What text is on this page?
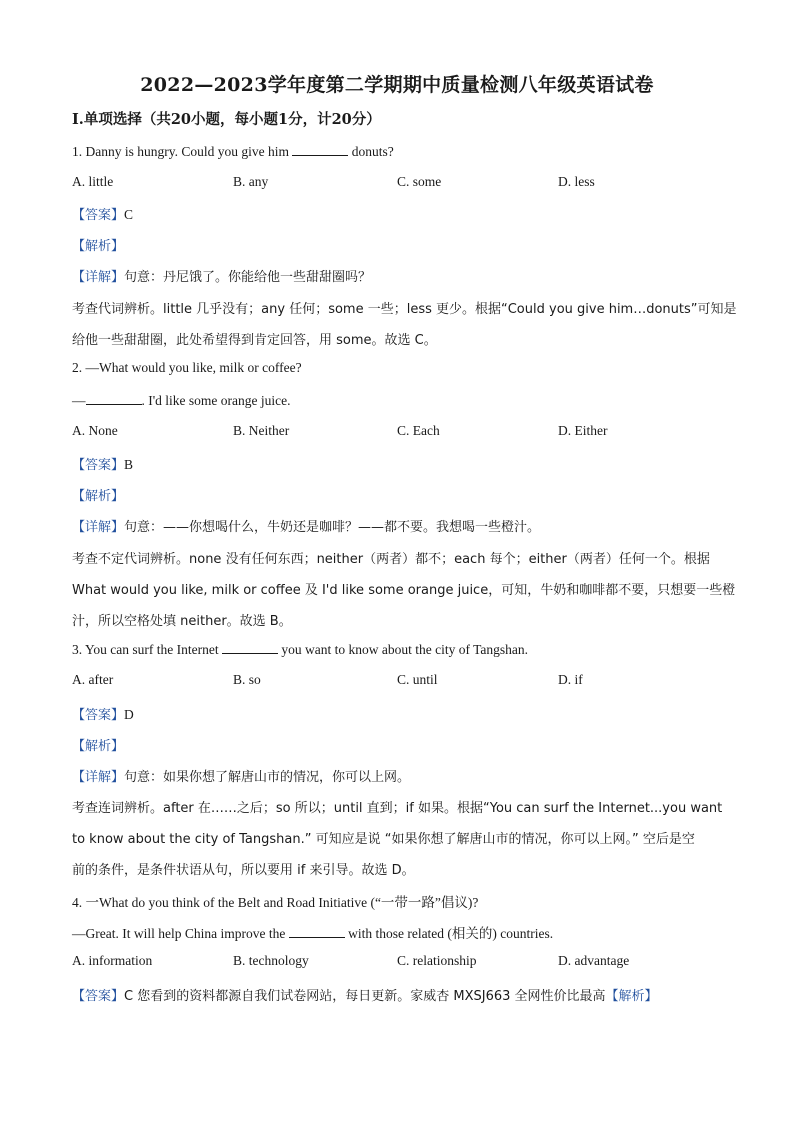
2022—2023学年度第二学期期中质量检测八年级英语试卷
I.单项选择（共20小题，每小题1分，计20分）
1. Danny is hungry. Could you give him	donuts?
A. little	B. any	C. some	D. less
【答案】C
【解析】
【详解】句意：丹尼饿了。你能给他一些甜甜圈吗？
考查代词辨析。little 几乎没有；any 任何；some 一些；less 更少。根据“Could you give him…donuts”可知是
给他一些甜甜圈，此处希望得到肯定回答，用 some。故选 C。
2. —What would you like, milk or coffee?
—	. I'd like some orange juice.
A. None	B. Neither	C. Each	D. Either
【答案】B
【解析】
【详解】句意：——你想喝什么，牛奶还是咖啡？——都不要。我想喝一些橙汁。
考查不定代词辨析。none 没有任何东西；neither（两者）都不；each 每个；either（两者）任何一个。根据
What would you like, milk or coffee 及 I'd like some orange juice，可知，牛奶和咖啡都不要，只想要一些橙
汁，所以空格处填 neither。故选 B。
3. You can surf the Internet	you want to know about the city of Tangshan.
A. after	B. so	C. until	D. if
【答案】D
【解析】
【详解】句意：如果你想了解唐山市的情况，你可以上网。
考查连词辨析。after 在……之后；so 所以；until 直到；if 如果。根据“You can surf the Internet...you want
to know about the city of Tangshan.” 可知应是说 “如果你想了解唐山市的情况，你可以上网。” 空后是空
前的条件，是条件状语从句，所以要用 if 来引导。故选 D。
4. 一What do you think of the Belt and Road Initiative (“一带一路”倡议)?
—Great. It will help China improve the	with those related (相关的) countries.
A. information	B. technology	C. relationship	D. advantage
【答案】C 您看到的资料都源自我们试卷网站，每日更新。家威杏 MXSJ663 全网性价比最高【解析】
